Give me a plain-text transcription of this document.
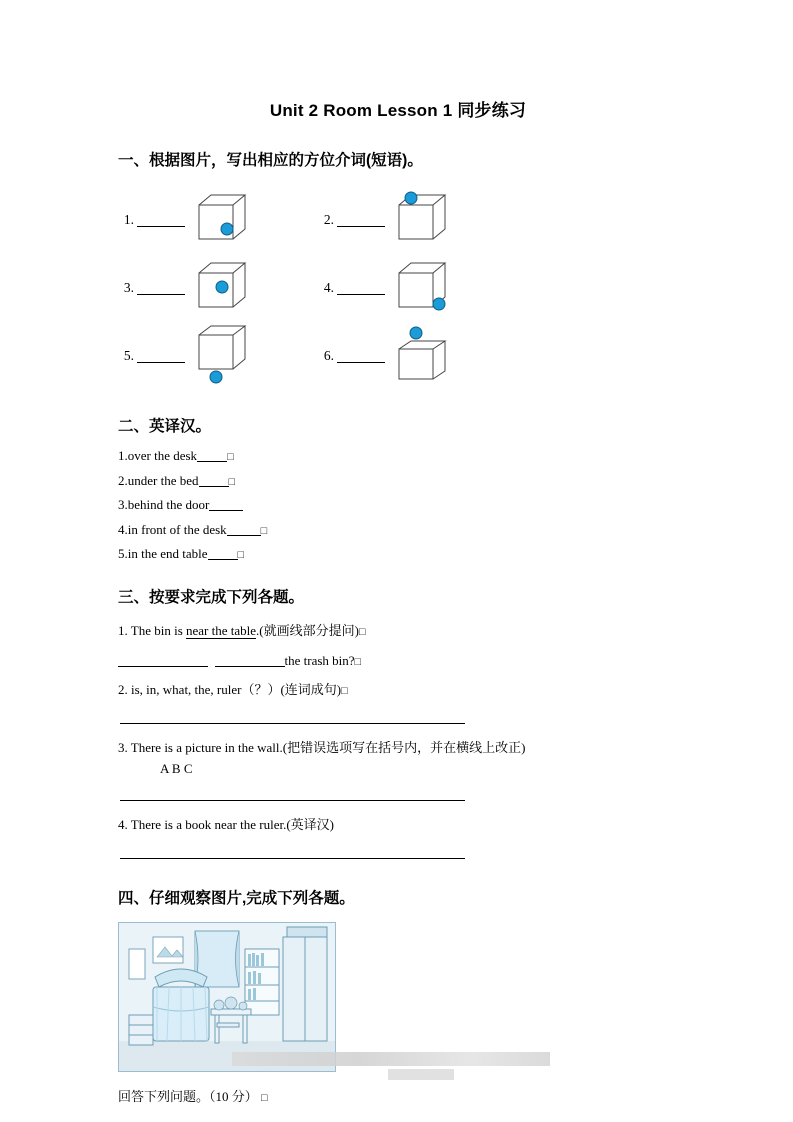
Unit 2 Room Lesson 1 同步练习
一、根据图片，写出相应的方位介词(短语)。
1.	2.
3.	4.
5.	6.
二、英译汉。
1.over the desk	□
2.under the bed	□
3.behind the door
4.in front of the desk	□
5.in the end table	□
三、按要求完成下列各题。
1. The bin is near the table.(就画线部分提问)□
the trash bin?□
2. is, in, what, the, ruler（？）(连词成句)□
3. There is a picture in the wall.(把错误选项写在括号内，并在横线上改正)
A B C
4. There is a book near the ruler.(英译汉)
四、仔细观察图片,完成下列各题。
回答下列问题。（10 分） □
